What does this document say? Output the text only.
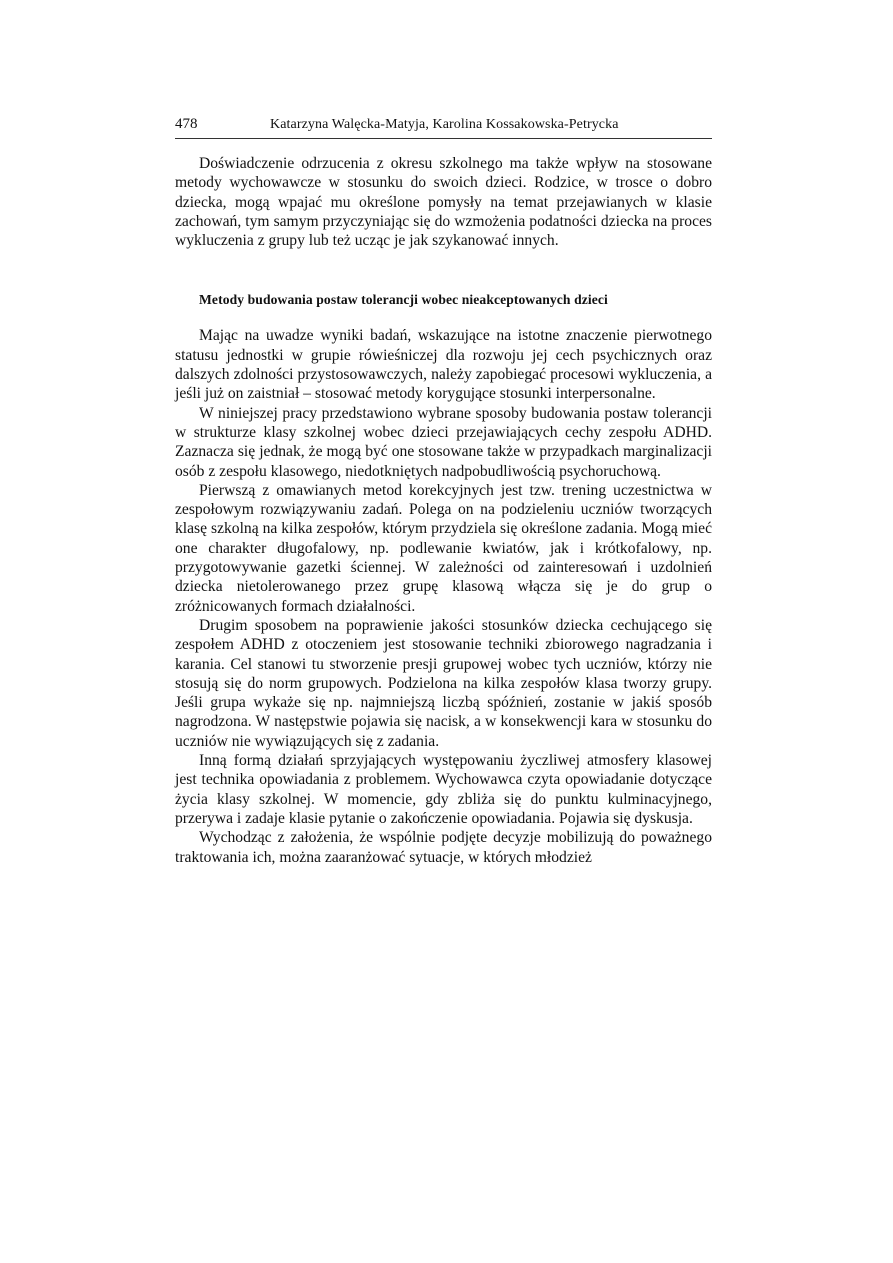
478	Katarzyna Walęcka-Matyja, Karolina Kossakowska-Petrycka

Doświadczenie odrzucenia z okresu szkolnego ma także wpływ na stosowane metody wychowawcze w stosunku do swoich dzieci. Rodzice, w trosce o dobro dziecka, mogą wpajać mu określone pomysły na temat przejawianych w klasie zachowań, tym samym przyczyniając się do wzmożenia podatności dziecka na proces wykluczenia z grupy lub też ucząc je jak szykanować innych.

Metody budowania postaw tolerancji wobec nieakceptowanych dzieci

Mając na uwadze wyniki badań, wskazujące na istotne znaczenie pierwotnego statusu jednostki w grupie rówieśniczej dla rozwoju jej cech psychicznych oraz dalszych zdolności przystosowawczych, należy zapobiegać procesowi wykluczenia, a jeśli już on zaistniał – stosować metody korygujące stosunki interpersonalne.

W niniejszej pracy przedstawiono wybrane sposoby budowania postaw tolerancji w strukturze klasy szkolnej wobec dzieci przejawiających cechy zespołu ADHD. Zaznacza się jednak, że mogą być one stosowane także w przypadkach marginalizacji osób z zespołu klasowego, niedotkniętych nadpobudliwością psychoruchową.

Pierwszą z omawianych metod korekcyjnych jest tzw. trening uczestnictwa w zespołowym rozwiązywaniu zadań. Polega on na podzieleniu uczniów tworzących klasę szkolną na kilka zespołów, którym przydziela się określone zadania. Mogą mieć one charakter długofalowy, np. podlewanie kwiatów, jak i krótkofalowy, np. przygotowywanie gazetki ściennej. W zależności od zainteresowań i uzdolnień dziecka nietolerowanego przez grupę klasową włącza się je do grup o zróżnicowanych formach działalności.

Drugim sposobem na poprawienie jakości stosunków dziecka cechującego się zespołem ADHD z otoczeniem jest stosowanie techniki zbiorowego nagradzania i karania. Cel stanowi tu stworzenie presji grupowej wobec tych uczniów, którzy nie stosują się do norm grupowych. Podzielona na kilka zespołów klasa tworzy grupy. Jeśli grupa wykaże się np. najmniejszą liczbą spóźnień, zostanie w jakiś sposób nagrodzona. W następstwie pojawia się nacisk, a w konsekwencji kara w stosunku do uczniów nie wywiązujących się z zadania.

Inną formą działań sprzyjających występowaniu życzliwej atmosfery klasowej jest technika opowiadania z problemem. Wychowawca czyta opowiadanie dotyczące życia klasy szkolnej. W momencie, gdy zbliża się do punktu kulminacyjnego, przerywa i zadaje klasie pytanie o zakończenie opowiadania. Pojawia się dyskusja.

Wychodząc z założenia, że wspólnie podjęte decyzje mobilizują do poważnego traktowania ich, można zaaranżować sytuacje, w których młodzież
